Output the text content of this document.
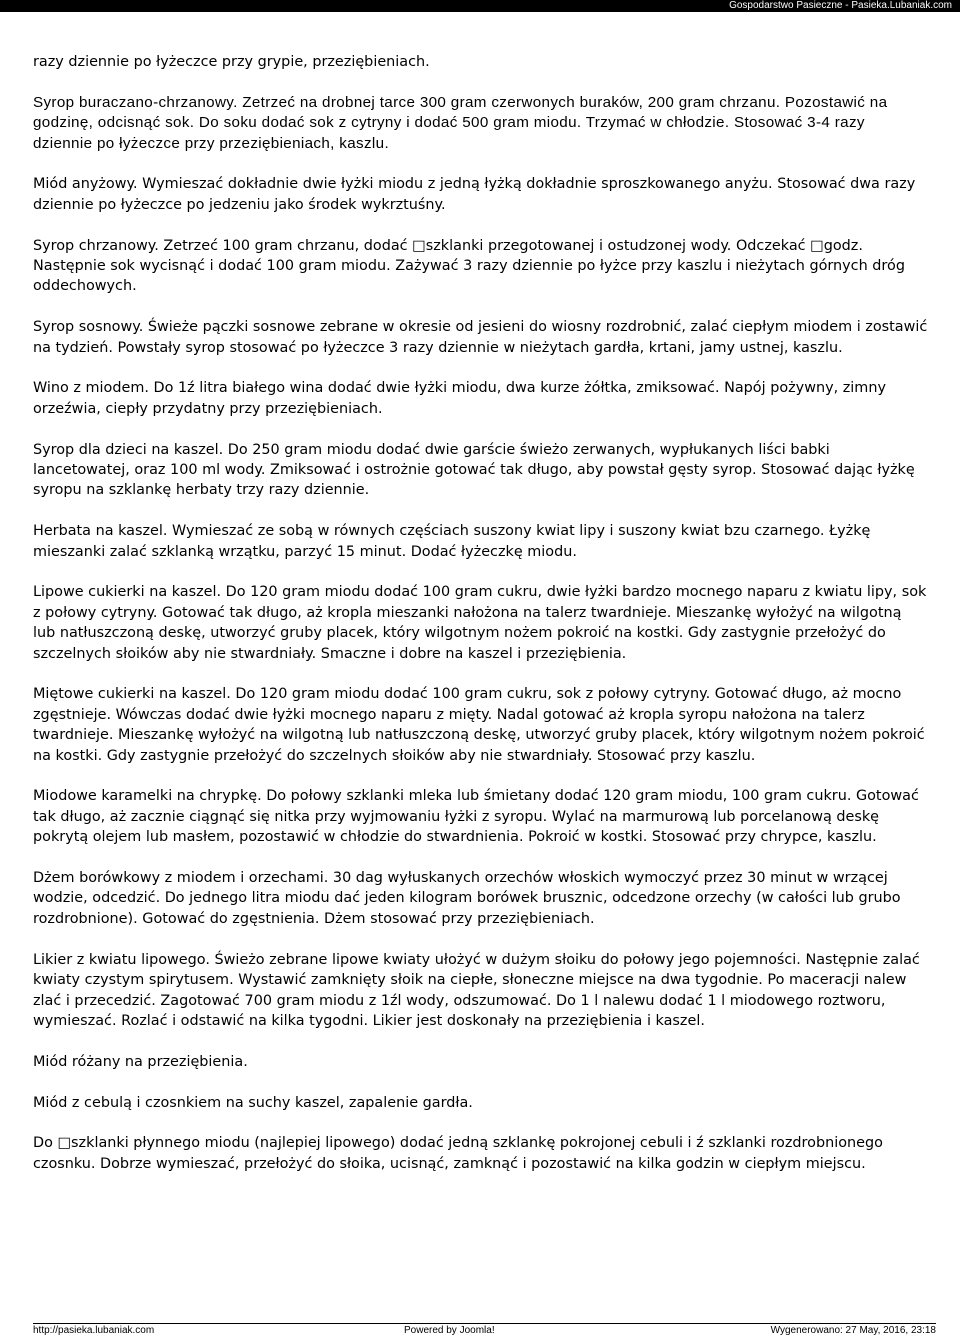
Gospodarstwo Pasieczne - Pasieka.Lubaniak.com

razy dziennie po łyżeczce przy grypie, przeziębieniach.

Syrop buraczano-chrzanowy. Zetrzeć na drobnej tarce 300 gram czerwonych buraków, 200 gram chrzanu. Pozostawić na godzinę, odcisnąć sok. Do soku dodać sok z cytryny i dodać 500 gram miodu. Trzymać w chłodzie. Stosować 3-4 razy dziennie po łyżeczce przy przeziębieniach, kaszlu.

Miód anyżowy. Wymieszać dokładnie dwie łyżki miodu z jedną łyżką dokładnie sproszkowanego anyżu. Stosować dwa razy dziennie po łyżeczce po jedzeniu jako środek wykrztuśny.

Syrop chrzanowy. Zetrzeć 100 gram chrzanu, dodać □szklanki przegotowanej i ostudzonej wody. Odczekać □godz. Następnie sok wycisnąć i dodać 100 gram miodu. Zażywać 3 razy dziennie po łyżce przy kaszlu i nieżytach górnych dróg oddechowych.

Syrop sosnowy. Świeże pączki sosnowe zebrane w okresie od jesieni do wiosny rozdrobnić, zalać ciepłym miodem i zostawić na tydzień. Powstały syrop stosować po łyżeczce 3 razy dziennie w nieżytach gardła, krtani, jamy ustnej, kaszlu.

Wino z miodem. Do 1ź litra białego wina dodać dwie łyżki miodu, dwa kurze żółtka, zmiksować. Napój pożywny, zimny orzeźwia, ciepły przydatny przy przeziębieniach.

Syrop dla dzieci na kaszel. Do 250 gram miodu dodać dwie garście świeżo zerwanych, wypłukanych liści babki lancetowatej, oraz 100 ml wody. Zmiksować i ostrożnie gotować tak długo, aby powstał gęsty syrop. Stosować dając łyżkę syropu na szklankę herbaty trzy razy dziennie.

Herbata na kaszel. Wymieszać ze sobą w równych częściach suszony kwiat lipy i suszony kwiat bzu czarnego. Łyżkę mieszanki zalać szklanką wrzątku, parzyć 15 minut. Dodać łyżeczkę miodu.

Lipowe cukierki na kaszel. Do 120 gram miodu dodać 100 gram cukru, dwie łyżki bardzo mocnego naparu z kwiatu lipy, sok z połowy cytryny. Gotować tak długo, aż kropla mieszanki nałożona na talerz twardnieje. Mieszankę wyłożyć na wilgotną lub natłuszczoną deskę, utworzyć gruby placek, który wilgotnym nożem pokroić na kostki. Gdy zastygnie przełożyć do szczelnych słoików aby nie stwardniały. Smaczne i dobre na kaszel i przeziębienia.

Miętowe cukierki na kaszel. Do 120 gram miodu dodać 100 gram cukru, sok z połowy cytryny. Gotować długo, aż mocno zgęstnieje. Wówczas dodać dwie łyżki mocnego naparu z mięty. Nadal gotować aż kropla syropu nałożona na talerz twardnieje. Mieszankę wyłożyć na wilgotną lub natłuszczoną deskę, utworzyć gruby placek, który wilgotnym nożem pokroić na kostki. Gdy zastygnie przełożyć do szczelnych słoików aby nie stwardniały. Stosować przy kaszlu.

Miodowe karamelki na chrypkę. Do połowy szklanki mleka lub śmietany dodać 120 gram miodu, 100 gram cukru. Gotować tak długo, aż zacznie ciągnąć się nitka przy wyjmowaniu łyżki z syropu. Wylać na marmurową lub porcelanową deskę pokrytą olejem lub masłem, pozostawić w chłodzie do stwardnienia. Pokroić w kostki. Stosować przy chrypce, kaszlu.

Dżem borówkowy z miodem i orzechami. 30 dag wyłuskanych orzechów włoskich wymoczyć przez 30 minut w wrzącej wodzie, odcedzić. Do jednego litra miodu dać jeden kilogram borówek brusznic, odcedzone orzechy (w całości lub grubo rozdrobnione). Gotować do zgęstnienia. Dżem stosować przy przeziębieniach.

Likier z kwiatu lipowego. Świeżo zebrane lipowe kwiaty ułożyć w dużym słoiku do połowy jego pojemności. Następnie zalać kwiaty czystym spirytusem. Wystawić zamknięty słoik na ciepłe, słoneczne miejsce na dwa tygodnie. Po maceracji nalew zlać i przecedzić. Zagotować 700 gram miodu z 1źl wody, odszumować. Do 1 l nalewu dodać 1 l miodowego roztworu, wymieszać. Rozlać i odstawić na kilka tygodni. Likier jest doskonały na przeziębienia i kaszel.

Miód różany na przeziębienia.

Miód z cebulą i czosnkiem na suchy kaszel, zapalenie gardła.

Do □szklanki płynnego miodu (najlepiej lipowego) dodać jedną szklankę pokrojonej cebuli i ź szklanki rozdrobnionego czosnku. Dobrze wymieszać, przełożyć do słoika, ucisnąć, zamknąć i pozostawić na kilka godzin w ciepłym miejscu.

http://pasieka.lubaniak.com	Powered by Joomla!	Wygenerowano: 27 May, 2016, 23:18
